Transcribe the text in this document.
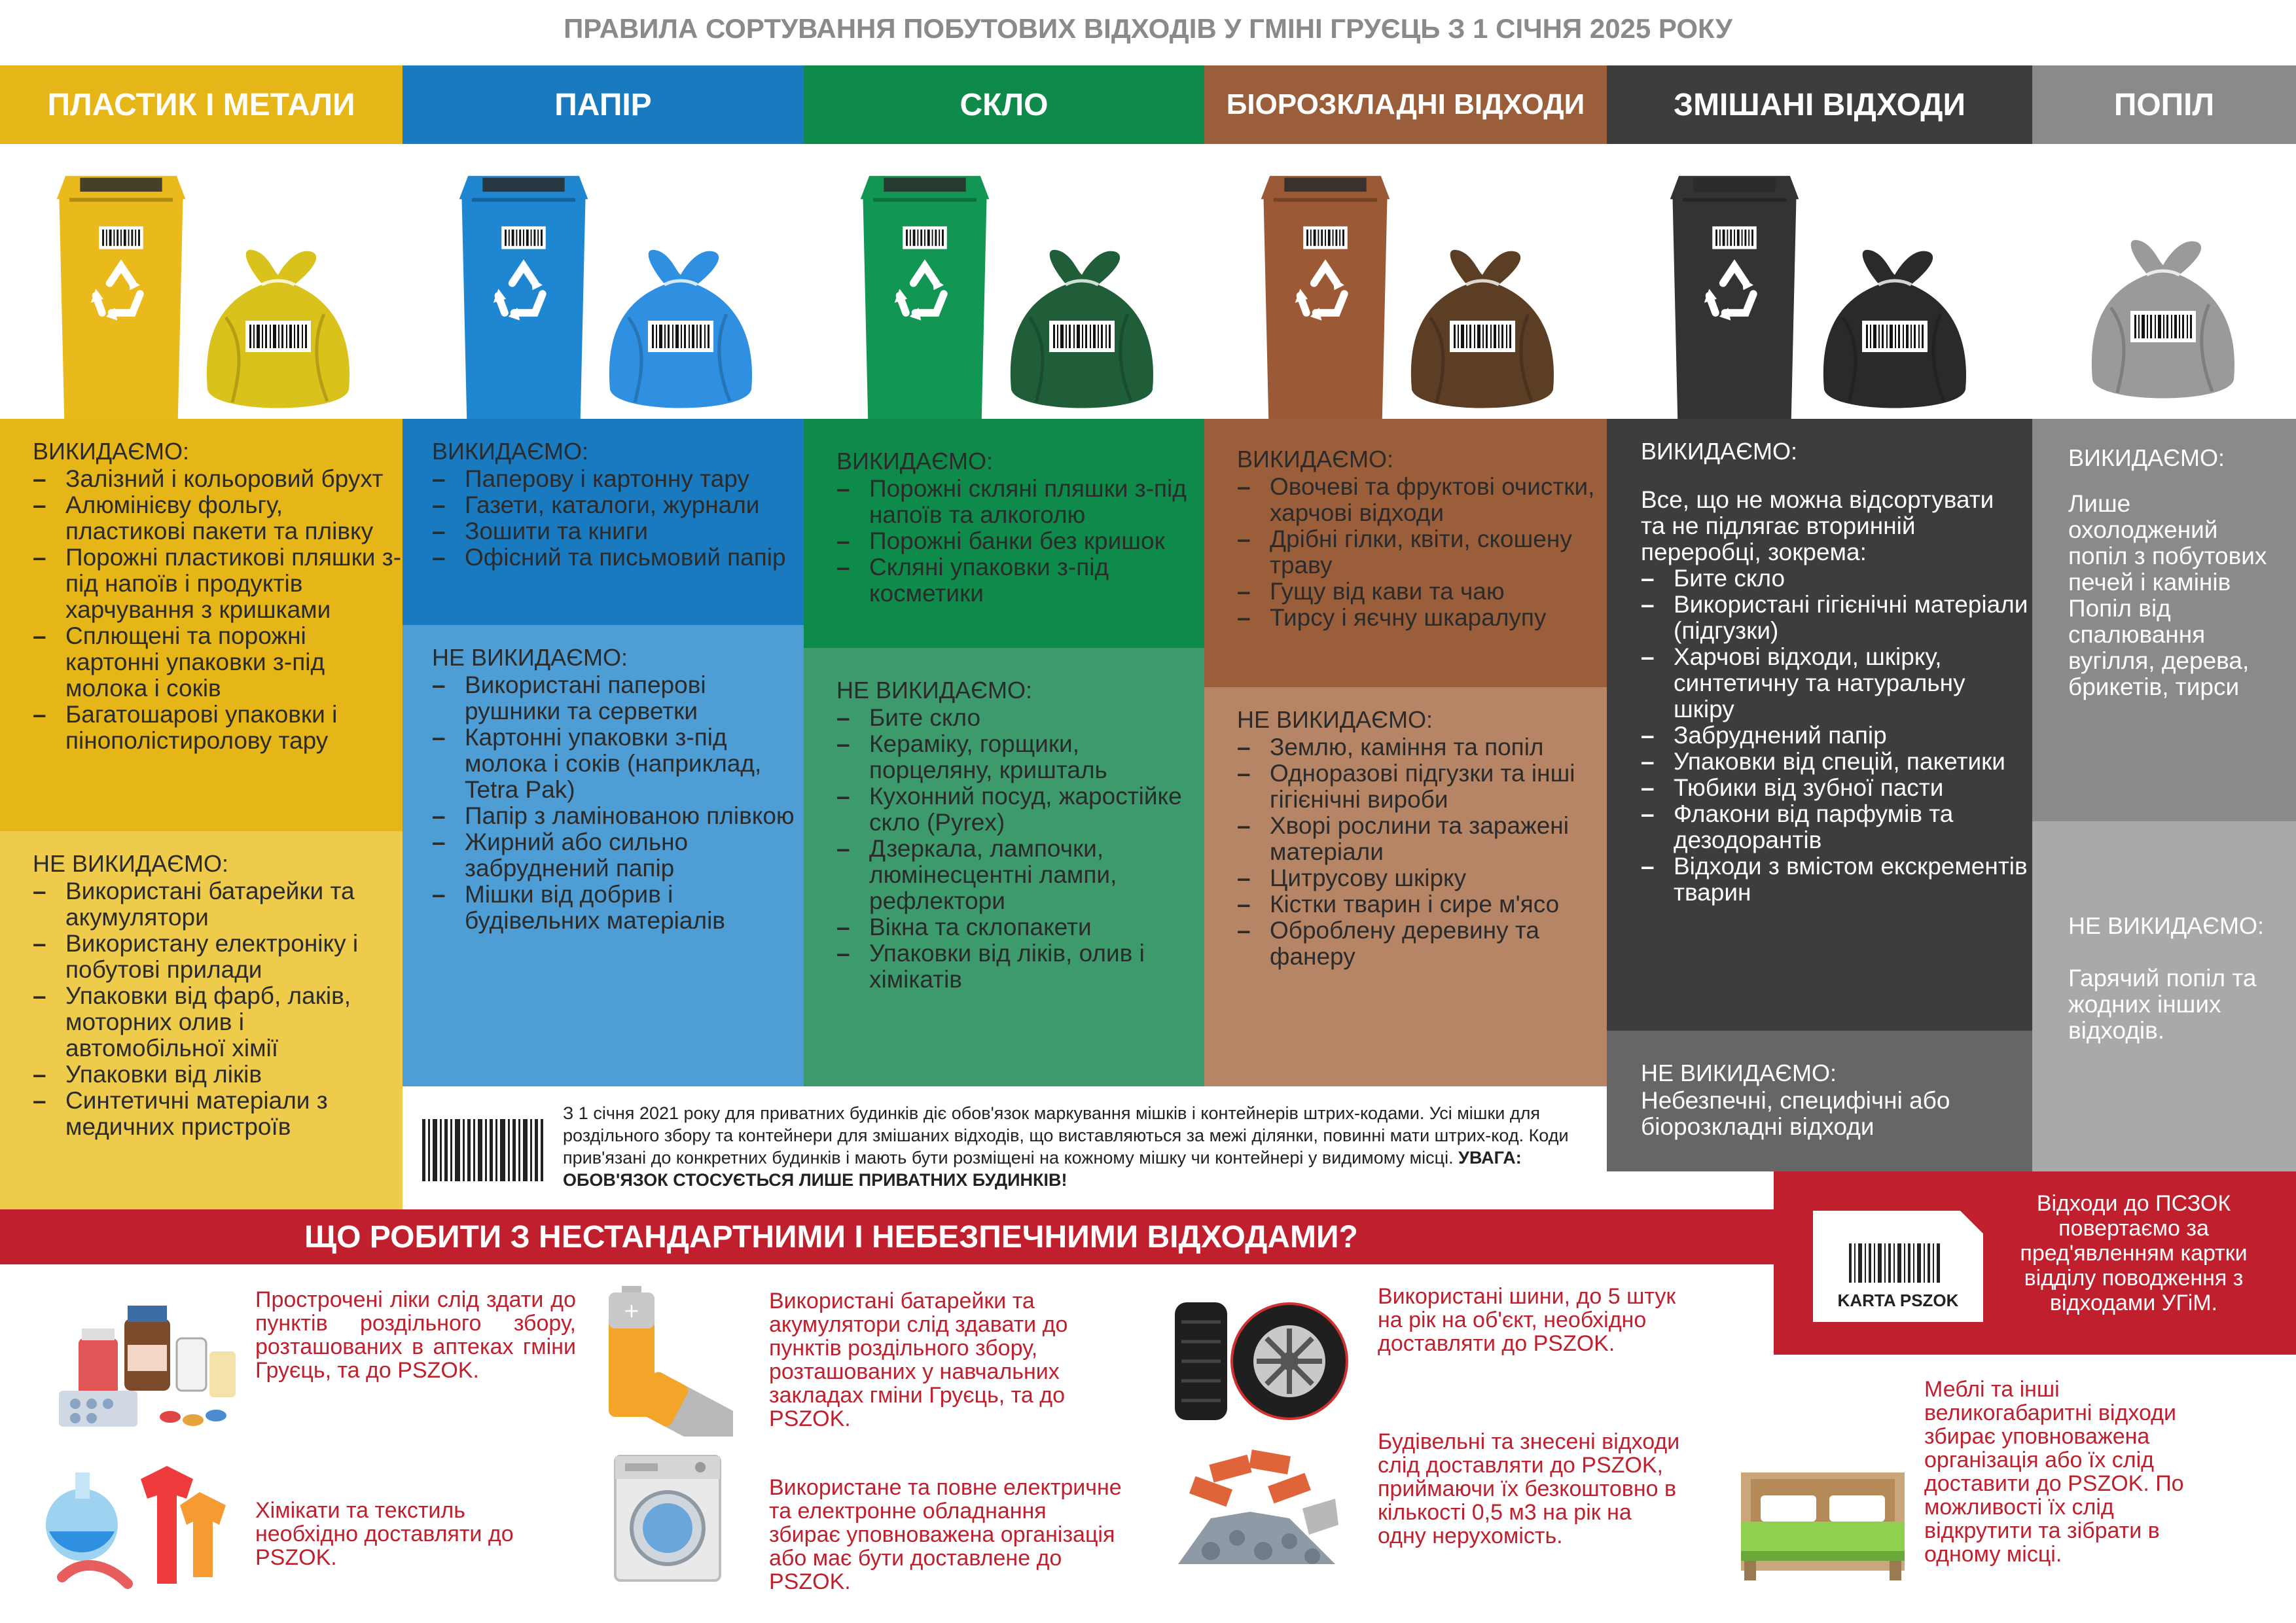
ПРАВИЛА СОРТУВАННЯ ПОБУТОВИХ ВІДХОДІВ У ГМІНІ ГРУЄЦЬ З 1 СІЧНЯ 2025 РОКУ
ПЛАСТИК І МЕТАЛИ	ПАПІР	СКЛО	БІОРОЗКЛАДНІ ВІДХОДИ	ЗМІШАНІ ВІДХОДИ	ПОПІЛ
ВИКИДАЄМО:
– Залізний і кольоровий брухт
– Алюмінієву фольгу, пластикові пакети та плівку
– Порожні пластикові пляшки з-під напоїв і продуктів харчування з кришками
– Сплющені та порожні картонні упаковки з-під молока і соків
– Багатошарові упаковки і пінополістиролову тару
НЕ ВИКИДАЄМО:
– Використані батарейки та акумулятори
– Використану електроніку і побутові прилади
– Упаковки від фарб, лаків, моторних олив і автомобільної хімії
– Упаковки від ліків
– Синтетичні матеріали з медичних пристроїв
ВИКИДАЄМО:
– Паперову і картонну тару
– Газети, каталоги, журнали
– Зошити та книги
– Офісний та письмовий папір
НЕ ВИКИДАЄМО:
– Використані паперові рушники та серветки
– Картонні упаковки з-під молока і соків (наприклад, Tetra Pak)
– Папір з ламінованою плівкою
– Жирний або сильно забруднений папір
– Мішки від добрив і будівельних матеріалів
ВИКИДАЄМО:
– Порожні скляні пляшки з-під напоїв та алкоголю
– Порожні банки без кришок
– Скляні упаковки з-під косметики
НЕ ВИКИДАЄМО:
– Бите скло
– Кераміку, горщики, порцеляну, кришталь
– Кухонний посуд, жаростійке скло (Pyrex)
– Дзеркала, лампочки, люмінесцентні лампи, рефлектори
– Вікна та склопакети
– Упаковки від ліків, олив і хімікатів
ВИКИДАЄМО:
– Овочеві та фруктові очистки, харчові відходи
– Дрібні гілки, квіти, скошену траву
– Гущу від кави та чаю
– Тирсу і яєчну шкаралупу
НЕ ВИКИДАЄМО:
– Землю, каміння та попіл
– Одноразові підгузки та інші гігієнічні вироби
– Хворі рослини та заражені матеріали
– Цитрусову шкірку
– Кістки тварин і сире м'ясо
– Оброблену деревину та фанеру
ВИКИДАЄМО:
Все, що не можна відсортувати та не підлягає вторинній переробці, зокрема:
– Бите скло
– Використані гігієнічні матеріали (підгузки)
– Харчові відходи, шкірку, синтетичну та натуральну шкіру
– Забруднений папір
– Упаковки від спецій, пакетики
– Тюбики від зубної пасти
– Флакони від парфумів та дезодорантів
– Відходи з вмістом екскрементів тварин
НЕ ВИКИДАЄМО:
Небезпечні, специфічні або біорозкладні відходи
ВИКИДАЄМО:
Лише охолоджений попіл з побутових печей і камінів Попіл від спалювання вугілля, дерева, брикетів, тирси
НЕ ВИКИДАЄМО:
Гарячий попіл та жодних інших відходів.
З 1 січня 2021 року для приватних будинків діє обов'язок маркування мішків і контейнерів штрих-кодами. Усі мішки для роздільного збору та контейнери для змішаних відходів, що виставляються за межі ділянки, повинні мати штрих-код. Коди прив'язані до конкретних будинків і мають бути розміщені на кожному мішку чи контейнері у видимому місці. УВАГА: ОБОВ'ЯЗОК СТОСУЄТЬСЯ ЛИШЕ ПРИВАТНИХ БУДИНКІВ!
ЩО РОБИТИ З НЕСТАНДАРТНИМИ І НЕБЕЗПЕЧНИМИ ВІДХОДАМИ?
KARTA PSZOK
Відходи до ПСЗОК повертаємо за пред'явленням картки відділу поводження з відходами УГіМ.
+
Прострочені ліки слід здати до пунктів роздільного збору, розташованих в аптеках гміни Груєць, та до PSZOK.
Хімікати та текстиль необхідно доставляти до PSZOK.
Використані батарейки та акумулятори слід здавати до пунктів роздільного збору, розташованих у навчальних закладах гміни Груєць, та до PSZOK.
Використане та повне електричне та електронне обладнання збирає уповноважена організація або має бути доставлене до PSZOK.
Використані шини, до 5 штук на рік на об'єкт, необхідно доставляти до PSZOK.
Будівельні та знесені відходи слід доставляти до PSZOK, приймаючи їх безкоштовно в кількості 0,5 м3 на рік на одну нерухомість.
Меблі та інші великогабаритні відходи збирає уповноважена організація або їх слід доставити до PSZOK. По можливості їх слід відкрутити та зібрати в одному місці.
